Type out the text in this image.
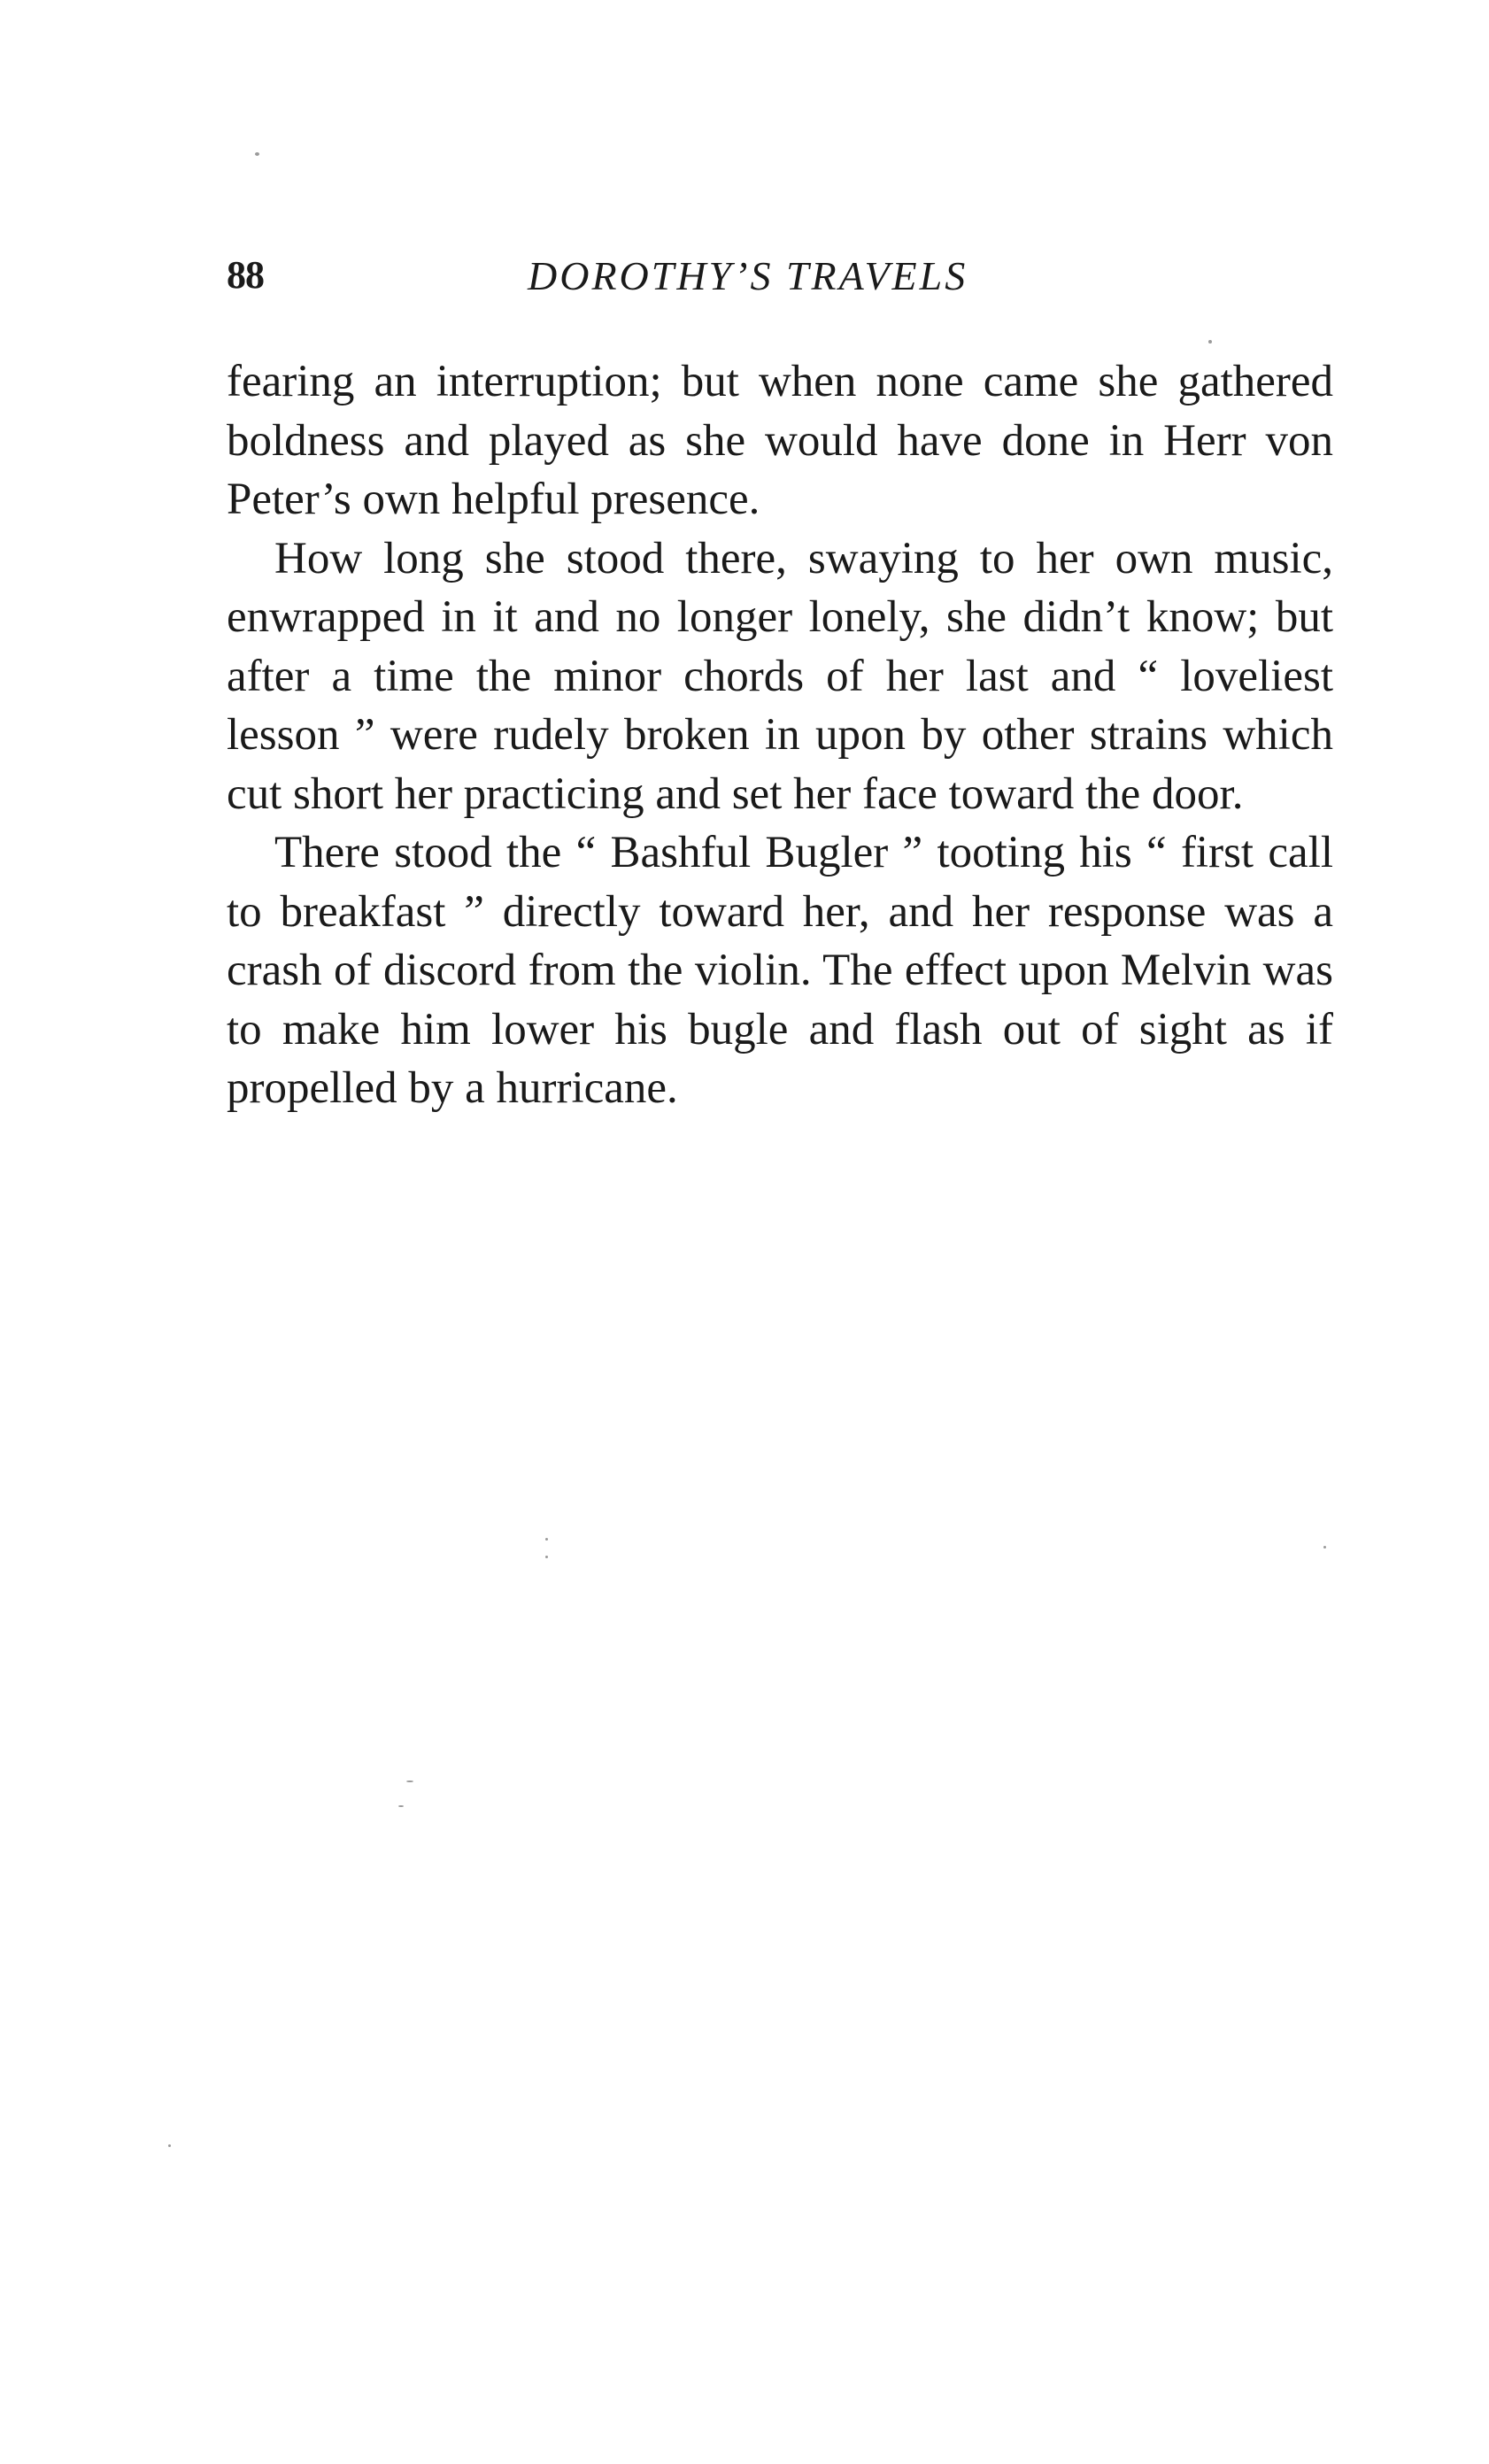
88	DOROTHY’S TRAVELS

fearing an interruption; but when none came she gathered boldness and played as she would have done in Herr von Peter’s own helpful presence.

How long she stood there, swaying to her own music, enwrapped in it and no longer lonely, she didn’t know; but after a time the minor chords of her last and “ loveliest lesson ” were rudely broken in upon by other strains which cut short her practicing and set her face toward the door.

There stood the “ Bashful Bugler ” tooting his “ first call to breakfast ” directly toward her, and her response was a crash of discord from the violin. The effect upon Melvin was to make him lower his bugle and flash out of sight as if propelled by a hurricane.
